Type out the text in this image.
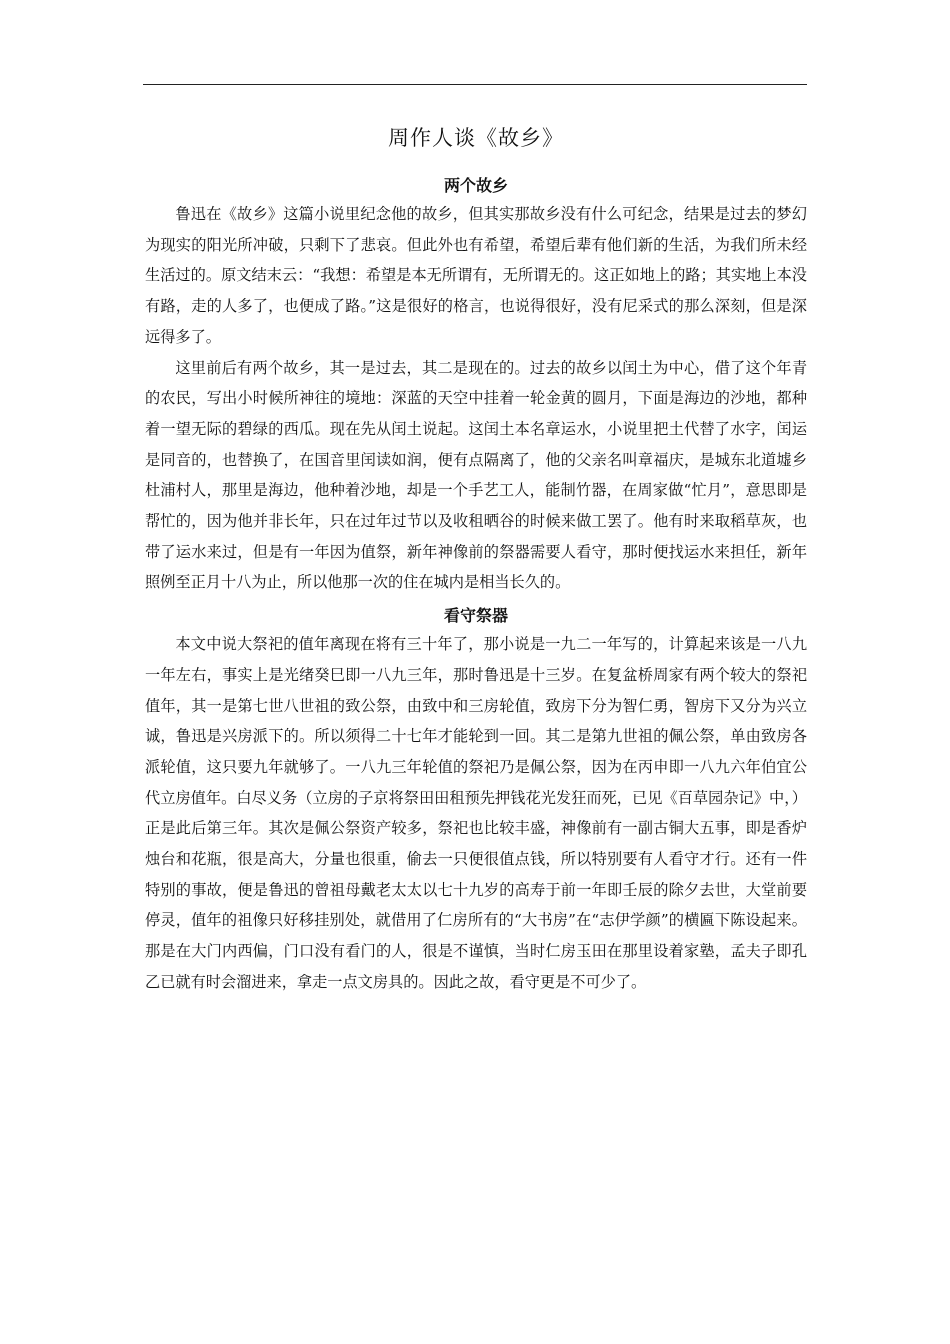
周作人谈《故乡》
两个故乡

鲁迅在《故乡》这篇小说里纪念他的故乡，但其实那故乡没有什么可纪念，结果是过去的梦幻为现实的阳光所冲破，只剩下了悲哀。但此外也有希望，希望后辈有他们新的生活，为我们所未经生活过的。原文结末云：“我想：希望是本无所谓有，无所谓无的。这正如地上的路；其实地上本没有路，走的人多了，也便成了路。”这是很好的格言，也说得很好，没有尼采式的那么深刻，但是深远得多了。

这里前后有两个故乡，其一是过去，其二是现在的。过去的故乡以闰土为中心，借了这个年青的农民，写出小时候所神往的境地：深蓝的天空中挂着一轮金黄的圆月，下面是海边的沙地，都种着一望无际的碧绿的西瓜。现在先从闰土说起。这闰土本名章运水，小说里把土代替了水字，闰运是同音的，也替换了，在国音里闰读如润，便有点隔离了，他的父亲名叫章福庆，是城东北道墟乡杜浦村人，那里是海边，他种着沙地，却是一个手艺工人，能制竹器，在周家做“忙月”，意思即是帮忙的，因为他并非长年，只在过年过节以及收租晒谷的时候来做工罢了。他有时来取稻草灰，也带了运水来过，但是有一年因为值祭，新年神像前的祭器需要人看守，那时便找运水来担任，新年照例至正月十八为止，所以他那一次的住在城内是相当长久的。

看守祭器

本文中说大祭祀的值年离现在将有三十年了，那小说是一九二一年写的，计算起来该是一八九一年左右，事实上是光绪癸巳即一八九三年，那时鲁迅是十三岁。在复盆桥周家有两个较大的祭祀值年，其一是第七世八世祖的致公祭，由致中和三房轮值，致房下分为智仁勇，智房下又分为兴立诚，鲁迅是兴房派下的。所以须得二十七年才能轮到一回。其二是第九世祖的佩公祭，单由致房各派轮值，这只要九年就够了。一八九三年轮值的祭祀乃是佩公祭，因为在丙申即一八九六年伯宜公代立房值年。白尽义务（立房的子京将祭田田租预先押钱花光发狂而死，已见《百草园杂记》中，）正是此后第三年。其次是佩公祭资产较多，祭祀也比较丰盛，神像前有一副古铜大五事，即是香炉烛台和花瓶，很是高大，分量也很重，偷去一只便很值点钱，所以特别要有人看守才行。还有一件特别的事故，便是鲁迅的曾祖母戴老太太以七十九岁的高寿于前一年即壬辰的除夕去世，大堂前要停灵，值年的祖像只好移挂别处，就借用了仁房所有的“大书房”在“志伊学颜”的横匾下陈设起来。那是在大门内西偏，门口没有看门的人，很是不谨慎，当时仁房玉田在那里设着家塾，孟夫子即孔乙已就有时会溜进来，拿走一点文房具的。因此之故，看守更是不可少了。
